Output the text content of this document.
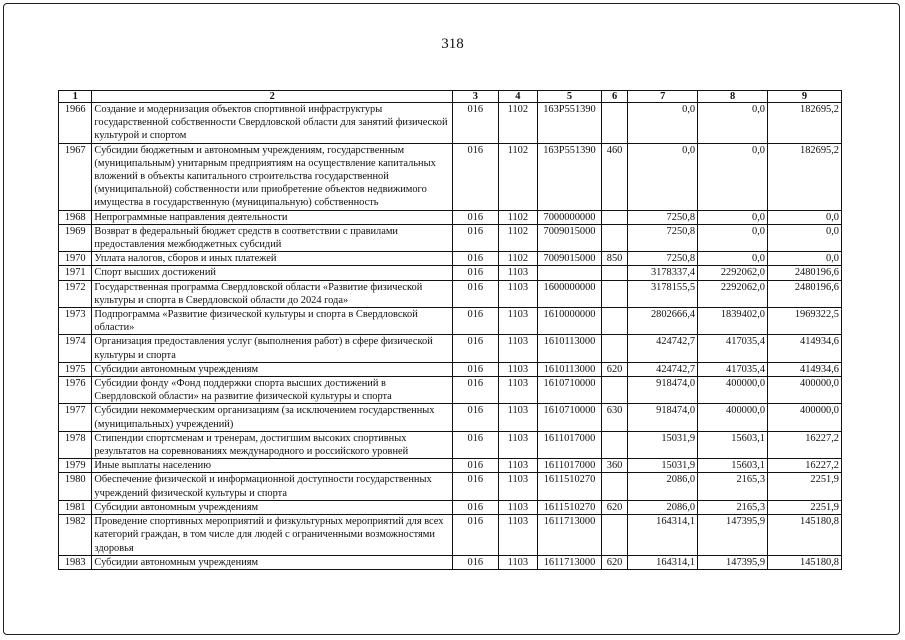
318
1	2	3	4	5	6	7	8	9
1966	Создание и модернизация объектов спортивной инфраструктуры государственной собственности Свердловской области для занятий физической культурой и спортом	016	1102	163P551390		0,0	0,0	182695,2
1967	Субсидии бюджетным и автономным учреждениям, государственным (муниципальным) унитарным предприятиям на осуществление капитальных вложений в объекты капитального строительства государственной (муниципальной) собственности или приобретение объектов недвижимого имущества в государственную (муниципальную) собственность	016	1102	163P551390	460	0,0	0,0	182695,2
1968	Непрограммные направления деятельности	016	1102	7000000000		7250,8	0,0	0,0
1969	Возврат в федеральный бюджет средств в соответствии с правилами предоставления межбюджетных субсидий	016	1102	7009015000		7250,8	0,0	0,0
1970	Уплата налогов, сборов и иных платежей	016	1102	7009015000	850	7250,8	0,0	0,0
1971	Спорт высших достижений	016	1103			3178337,4	2292062,0	2480196,6
1972	Государственная программа Свердловской области «Развитие физической культуры и спорта в Свердловской области до 2024 года»	016	1103	1600000000		3178155,5	2292062,0	2480196,6
1973	Подпрограмма «Развитие физической культуры и спорта в Свердловской области»	016	1103	1610000000		2802666,4	1839402,0	1969322,5
1974	Организация предоставления услуг (выполнения работ) в сфере физической культуры и спорта	016	1103	1610113000		424742,7	417035,4	414934,6
1975	Субсидии автономным учреждениям	016	1103	1610113000	620	424742,7	417035,4	414934,6
1976	Субсидии фонду «Фонд поддержки спорта высших достижений в Свердловской области» на развитие физической культуры и спорта	016	1103	1610710000		918474,0	400000,0	400000,0
1977	Субсидии некоммерческим организациям (за исключением государственных (муниципальных) учреждений)	016	1103	1610710000	630	918474,0	400000,0	400000,0
1978	Стипендии спортсменам и тренерам, достигшим высоких спортивных результатов на соревнованиях международного и российского уровней	016	1103	1611017000		15031,9	15603,1	16227,2
1979	Иные выплаты населению	016	1103	1611017000	360	15031,9	15603,1	16227,2
1980	Обеспечение физической и информационной доступности государственных учреждений физической культуры и спорта	016	1103	1611510270		2086,0	2165,3	2251,9
1981	Субсидии автономным учреждениям	016	1103	1611510270	620	2086,0	2165,3	2251,9
1982	Проведение спортивных мероприятий и физкультурных мероприятий для всех категорий граждан, в том числе для людей с ограниченными возможностями здоровья	016	1103	1611713000		164314,1	147395,9	145180,8
1983	Субсидии автономным учреждениям	016	1103	1611713000	620	164314,1	147395,9	145180,8
